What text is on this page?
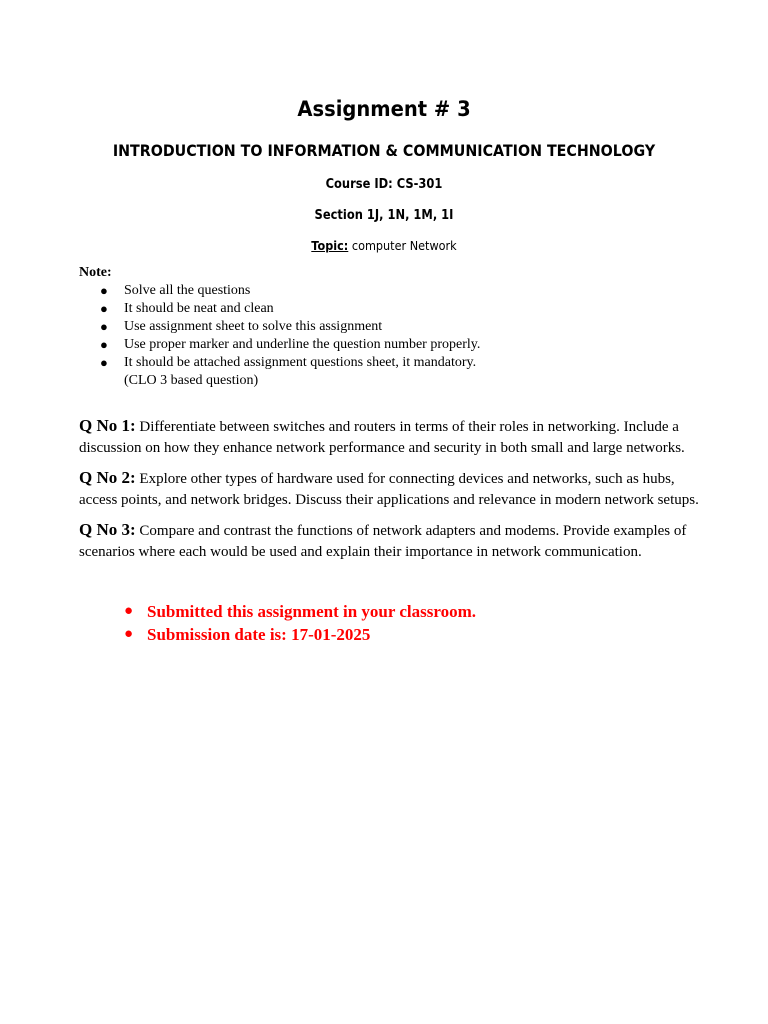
Assignment # 3
INTRODUCTION TO INFORMATION & COMMUNICATION TECHNOLOGY
Course ID: CS-301
Section 1J, 1N, 1M, 1I
Topic: computer Network
Note:
● Solve all the questions
● It should be neat and clean
● Use assignment sheet to solve this assignment
● Use proper marker and underline the question number properly.
● It should be attached assignment questions sheet, it mandatory.
(CLO 3 based question)

Q No 1: Differentiate between switches and routers in terms of their roles in networking. Include a discussion on how they enhance network performance and security in both small and large networks.

Q No 2: Explore other types of hardware used for connecting devices and networks, such as hubs, access points, and network bridges. Discuss their applications and relevance in modern network setups.

Q No 3: Compare and contrast the functions of network adapters and modems. Provide examples of scenarios where each would be used and explain their importance in network communication.

● Submitted this assignment in your classroom.
● Submission date is: 17-01-2025
